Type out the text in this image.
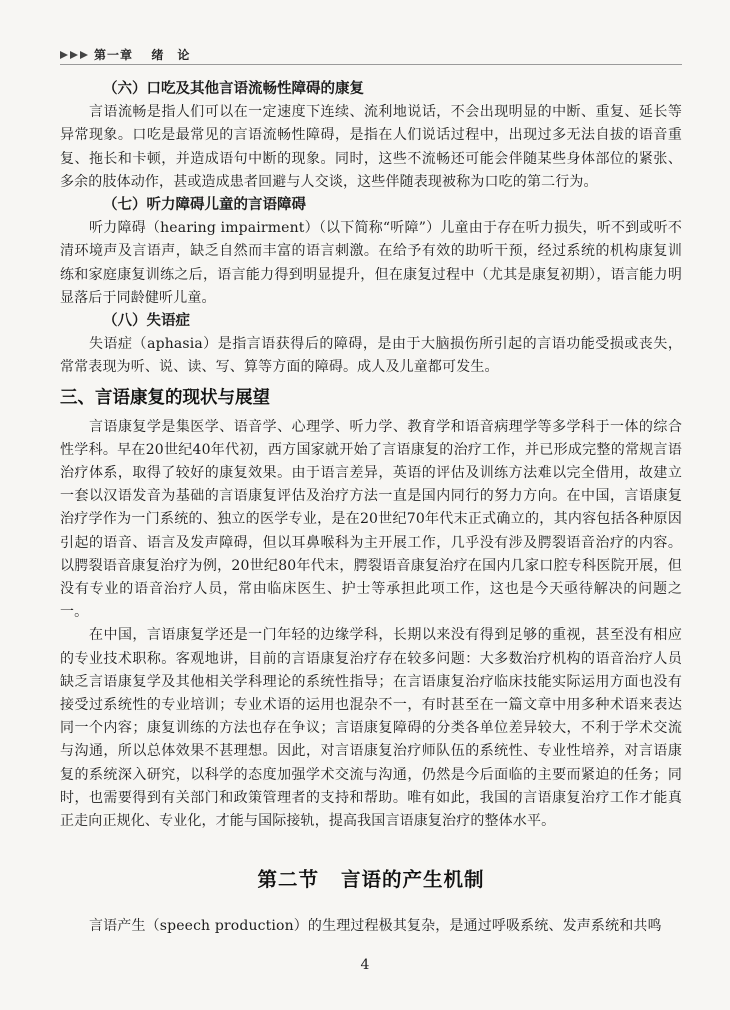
第一章 绪　论
（六）口吃及其他言语流畅性障碍的康复

言语流畅是指人们可以在一定速度下连续、流利地说话，不会出现明显的中断、重复、延长等异常现象。口吃是最常见的言语流畅性障碍，是指在人们说话过程中，出现过多无法自拔的语音重复、拖长和卡顿，并造成语句中断的现象。同时，这些不流畅还可能会伴随某些身体部位的紧张、多余的肢体动作，甚或造成患者回避与人交谈，这些伴随表现被称为口吃的第二行为。

（七）听力障碍儿童的言语障碍

听力障碍（hearing impairment）（以下简称“听障”）儿童由于存在听力损失，听不到或听不清环境声及言语声，缺乏自然而丰富的语言刺激。在给予有效的助听干预，经过系统的机构康复训练和家庭康复训练之后，语言能力得到明显提升，但在康复过程中（尤其是康复初期），语言能力明显落后于同龄健听儿童。

（八）失语症

失语症（aphasia）是指言语获得后的障碍，是由于大脑损伤所引起的言语功能受损或丧失，常常表现为听、说、读、写、算等方面的障碍。成人及儿童都可发生。

三、言语康复的现状与展望

言语康复学是集医学、语音学、心理学、听力学、教育学和语音病理学等多学科于一体的综合性学科。早在20世纪40年代初，西方国家就开始了言语康复的治疗工作，并已形成完整的常规言语治疗体系，取得了较好的康复效果。由于语言差异，英语的评估及训练方法难以完全借用，故建立一套以汉语发音为基础的言语康复评估及治疗方法一直是国内同行的努力方向。在中国，言语康复治疗学作为一门系统的、独立的医学专业，是在20世纪70年代末正式确立的，其内容包括各种原因引起的语音、语言及发声障碍，但以耳鼻喉科为主开展工作，几乎没有涉及腭裂语音治疗的内容。以腭裂语音康复治疗为例，20世纪80年代末，腭裂语音康复治疗在国内几家口腔专科医院开展，但没有专业的语音治疗人员，常由临床医生、护士等承担此项工作，这也是今天亟待解决的问题之一。

在中国，言语康复学还是一门年轻的边缘学科，长期以来没有得到足够的重视，甚至没有相应的专业技术职称。客观地讲，目前的言语康复治疗存在较多问题：大多数治疗机构的语音治疗人员缺乏言语康复学及其他相关学科理论的系统性指导；在言语康复治疗临床技能实际运用方面也没有接受过系统性的专业培训；专业术语的运用也混杂不一，有时甚至在一篇文章中用多种术语来表达同一个内容；康复训练的方法也存在争议；言语康复障碍的分类各单位差异较大，不利于学术交流与沟通，所以总体效果不甚理想。因此，对言语康复治疗师队伍的系统性、专业性培养，对言语康复的系统深入研究，以科学的态度加强学术交流与沟通，仍然是今后面临的主要而紧迫的任务；同时，也需要得到有关部门和政策管理者的支持和帮助。唯有如此，我国的言语康复治疗工作才能真正走向正规化、专业化，才能与国际接轨，提高我国言语康复治疗的整体水平。

第二节 言语的产生机制

言语产生（speech production）的生理过程极其复杂，是通过呼吸系统、发声系统和共鸣

4
